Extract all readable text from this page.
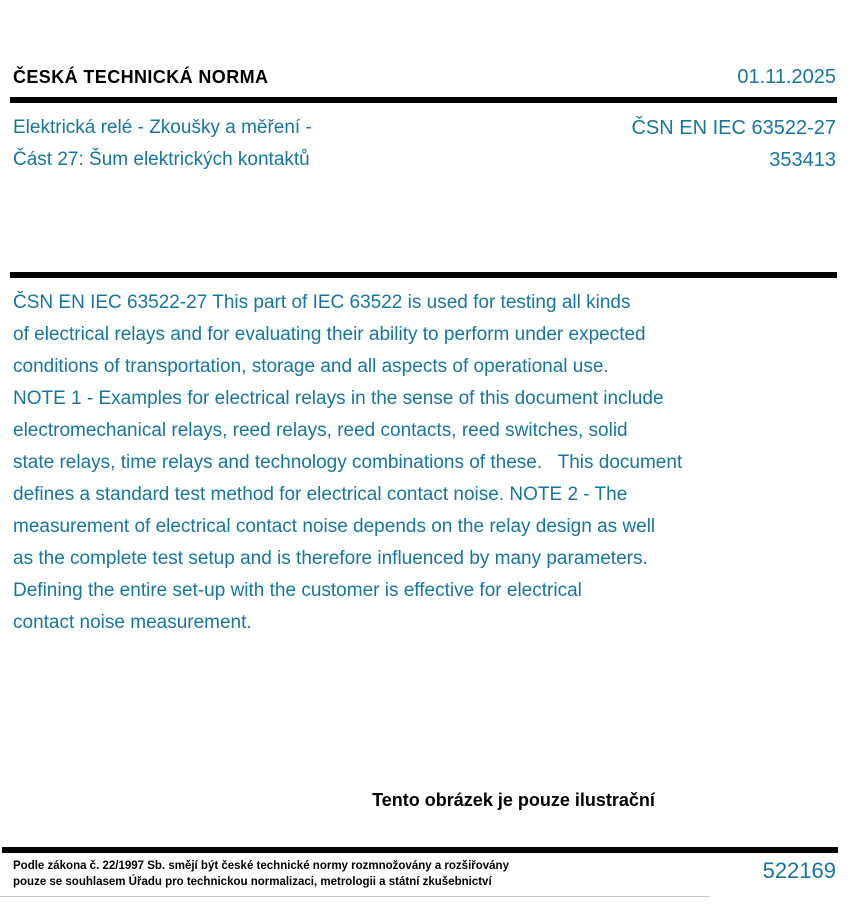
ČESKÁ TECHNICKÁ NORMA	01.11.2025
Elektrická relé - Zkoušky a měření -
Část 27: Šum elektrických kontaktů
ČSN EN IEC 63522-27
353413
ČSN EN IEC 63522-27 This part of IEC 63522 is used for testing all kinds
of electrical relays and for evaluating their ability to perform under expected
conditions of transportation, storage and all aspects of operational use.
NOTE 1 - Examples for electrical relays in the sense of this document include
electromechanical relays, reed relays, reed contacts, reed switches, solid
state relays, time relays and technology combinations of these.   This document
defines a standard test method for electrical contact noise. NOTE 2 - The
measurement of electrical contact noise depends on the relay design as well
as the complete test setup and is therefore influenced by many parameters.
Defining the entire set-up with the customer is effective for electrical
contact noise measurement.
Tento obrázek je pouze ilustrační
Podle zákona č. 22/1997 Sb. smějí být české technické normy rozmnožovány a rozšiřovány
pouze se souhlasem Úřadu pro technickou normalizaci, metrologii a státní zkušebnictví	522169
